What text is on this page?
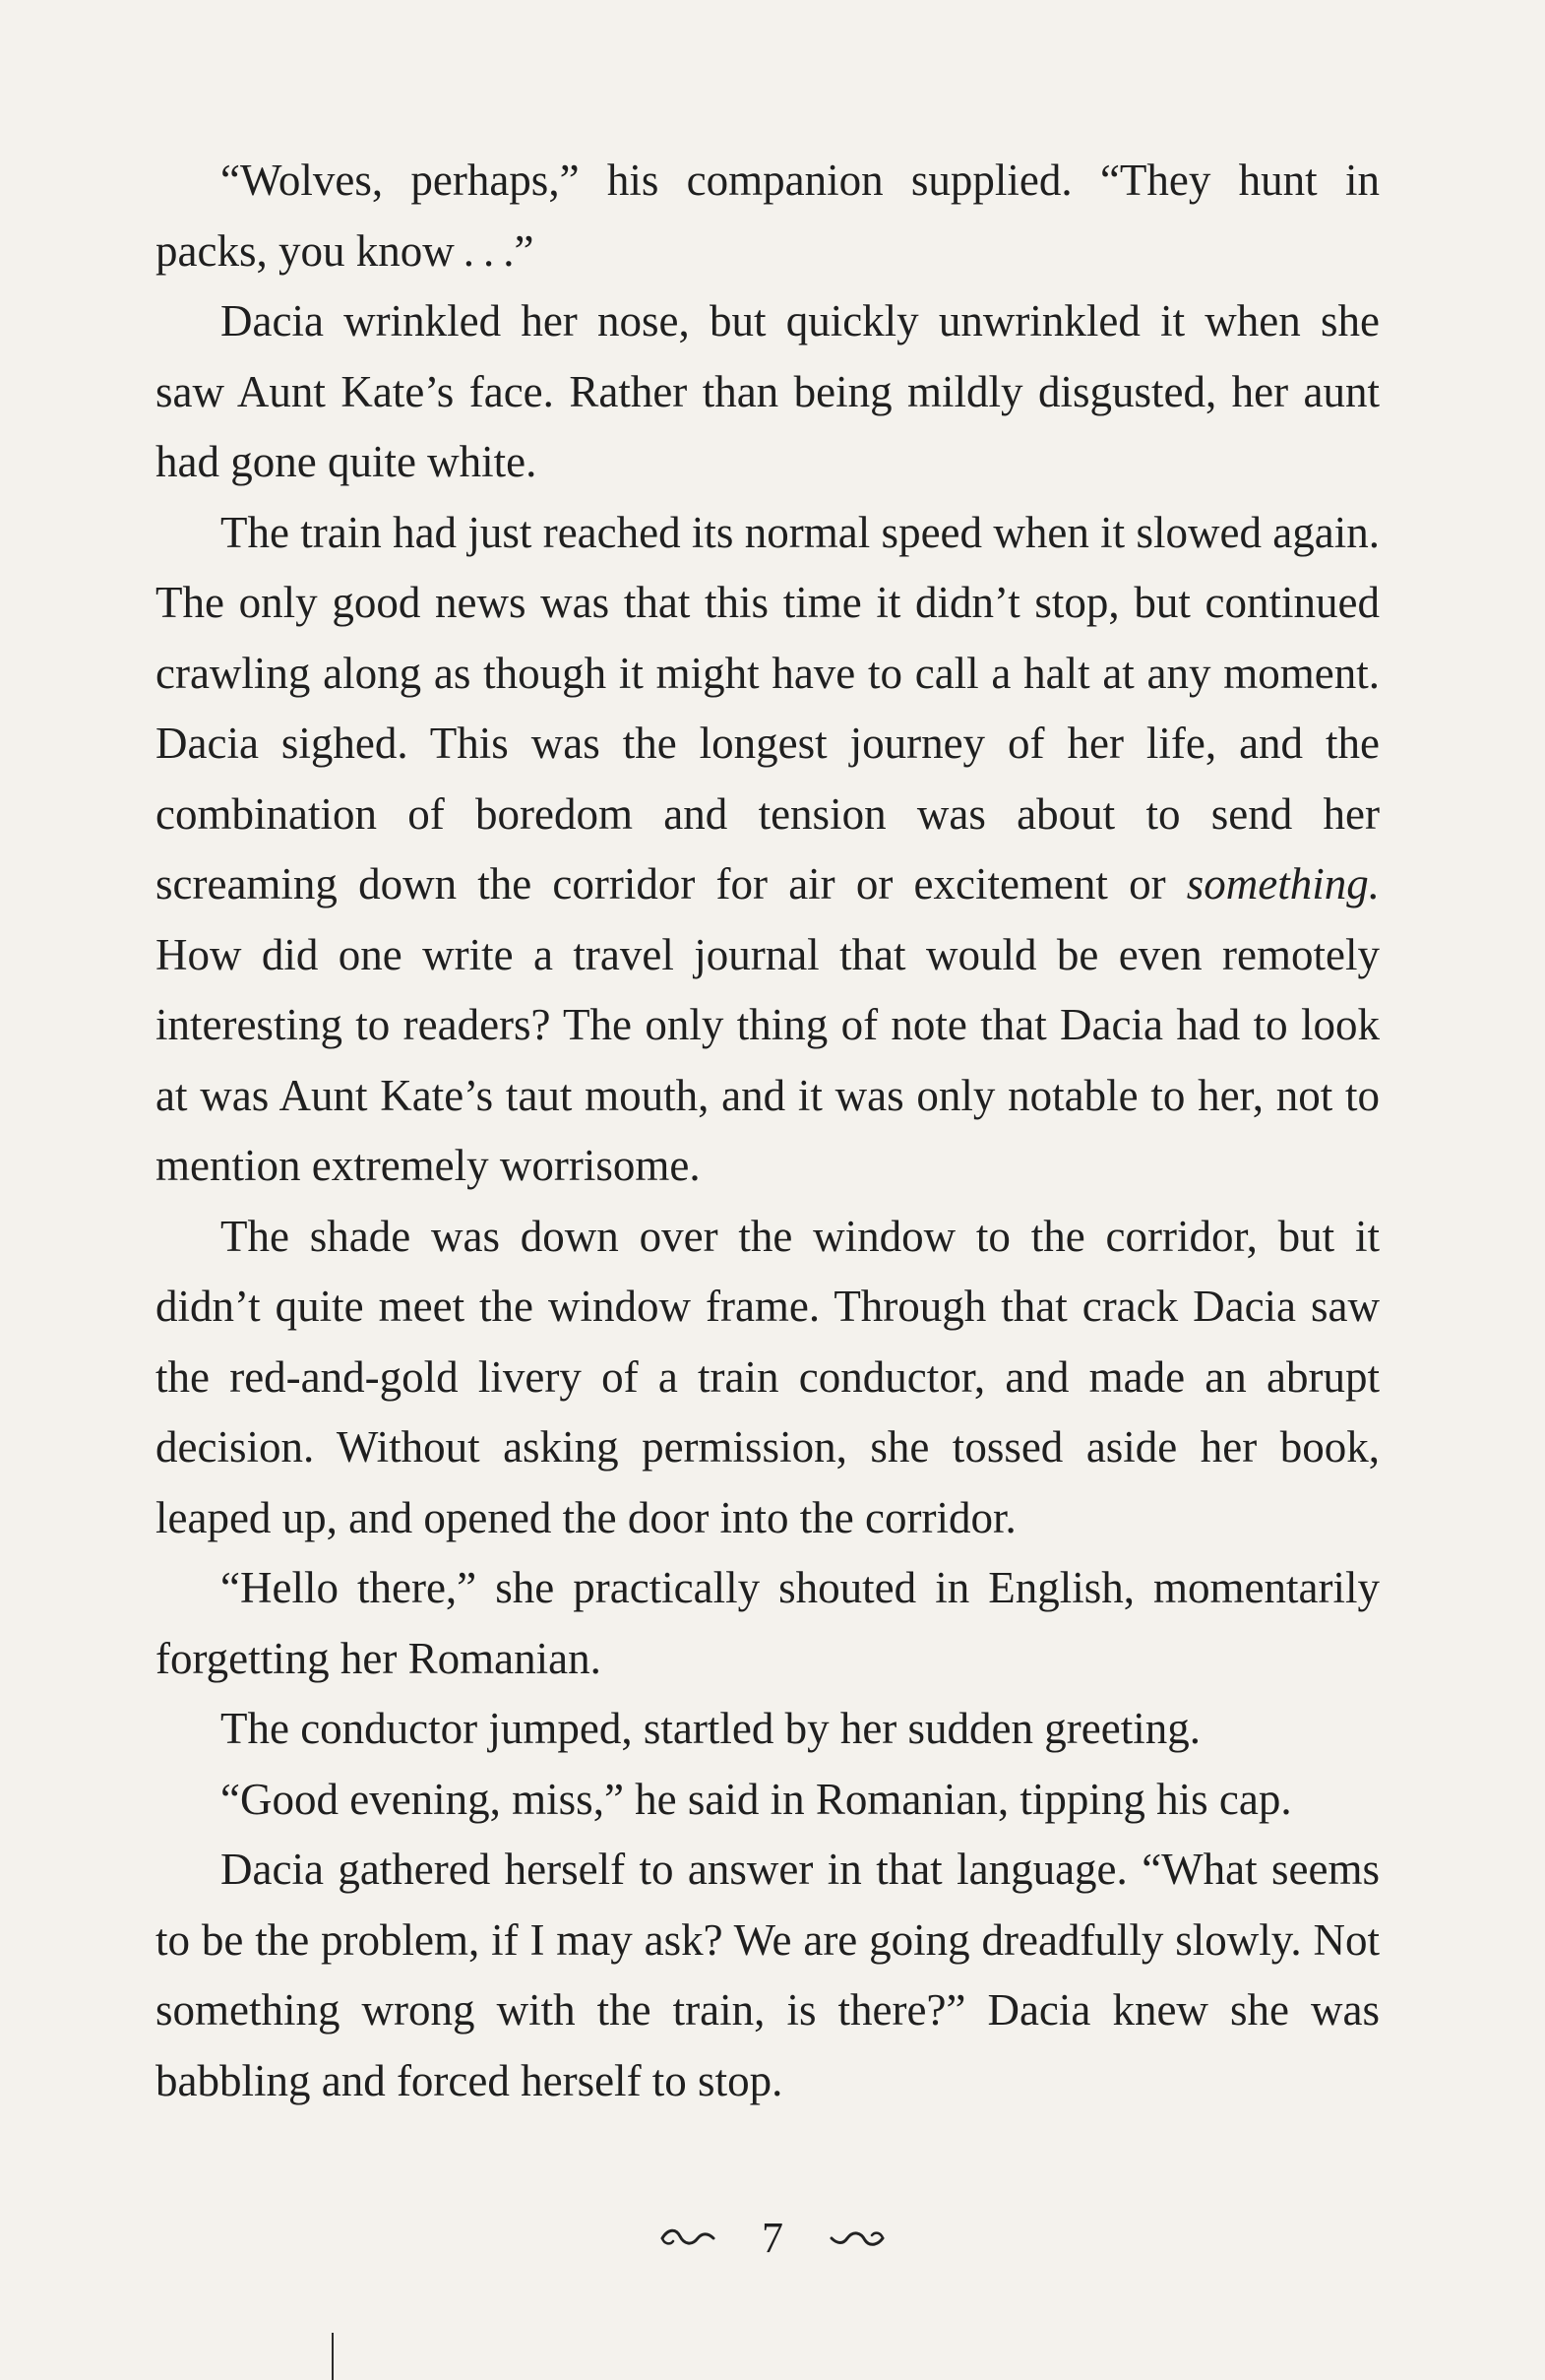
“Wolves, perhaps,” his companion supplied. “They hunt in packs, you know . . .”

Dacia wrinkled her nose, but quickly unwrinkled it when she saw Aunt Kate’s face. Rather than being mildly disgusted, her aunt had gone quite white.

The train had just reached its normal speed when it slowed again. The only good news was that this time it didn’t stop, but continued crawling along as though it might have to call a halt at any moment. Dacia sighed. This was the longest journey of her life, and the combination of boredom and tension was about to send her screaming down the corridor for air or excitement or something. How did one write a travel journal that would be even remotely interesting to readers? The only thing of note that Dacia had to look at was Aunt Kate’s taut mouth, and it was only notable to her, not to mention extremely worrisome.

The shade was down over the window to the corridor, but it didn’t quite meet the window frame. Through that crack Dacia saw the red-and-gold livery of a train conductor, and made an abrupt decision. Without asking permission, she tossed aside her book, leaped up, and opened the door into the corridor.

“Hello there,” she practically shouted in English, momentarily forgetting her Romanian.

The conductor jumped, startled by her sudden greeting.

“Good evening, miss,” he said in Romanian, tipping his cap.

Dacia gathered herself to answer in that language. “What seems to be the problem, if I may ask? We are going dreadfully slowly. Not something wrong with the train, is there?” Dacia knew she was babbling and forced herself to stop.

7
